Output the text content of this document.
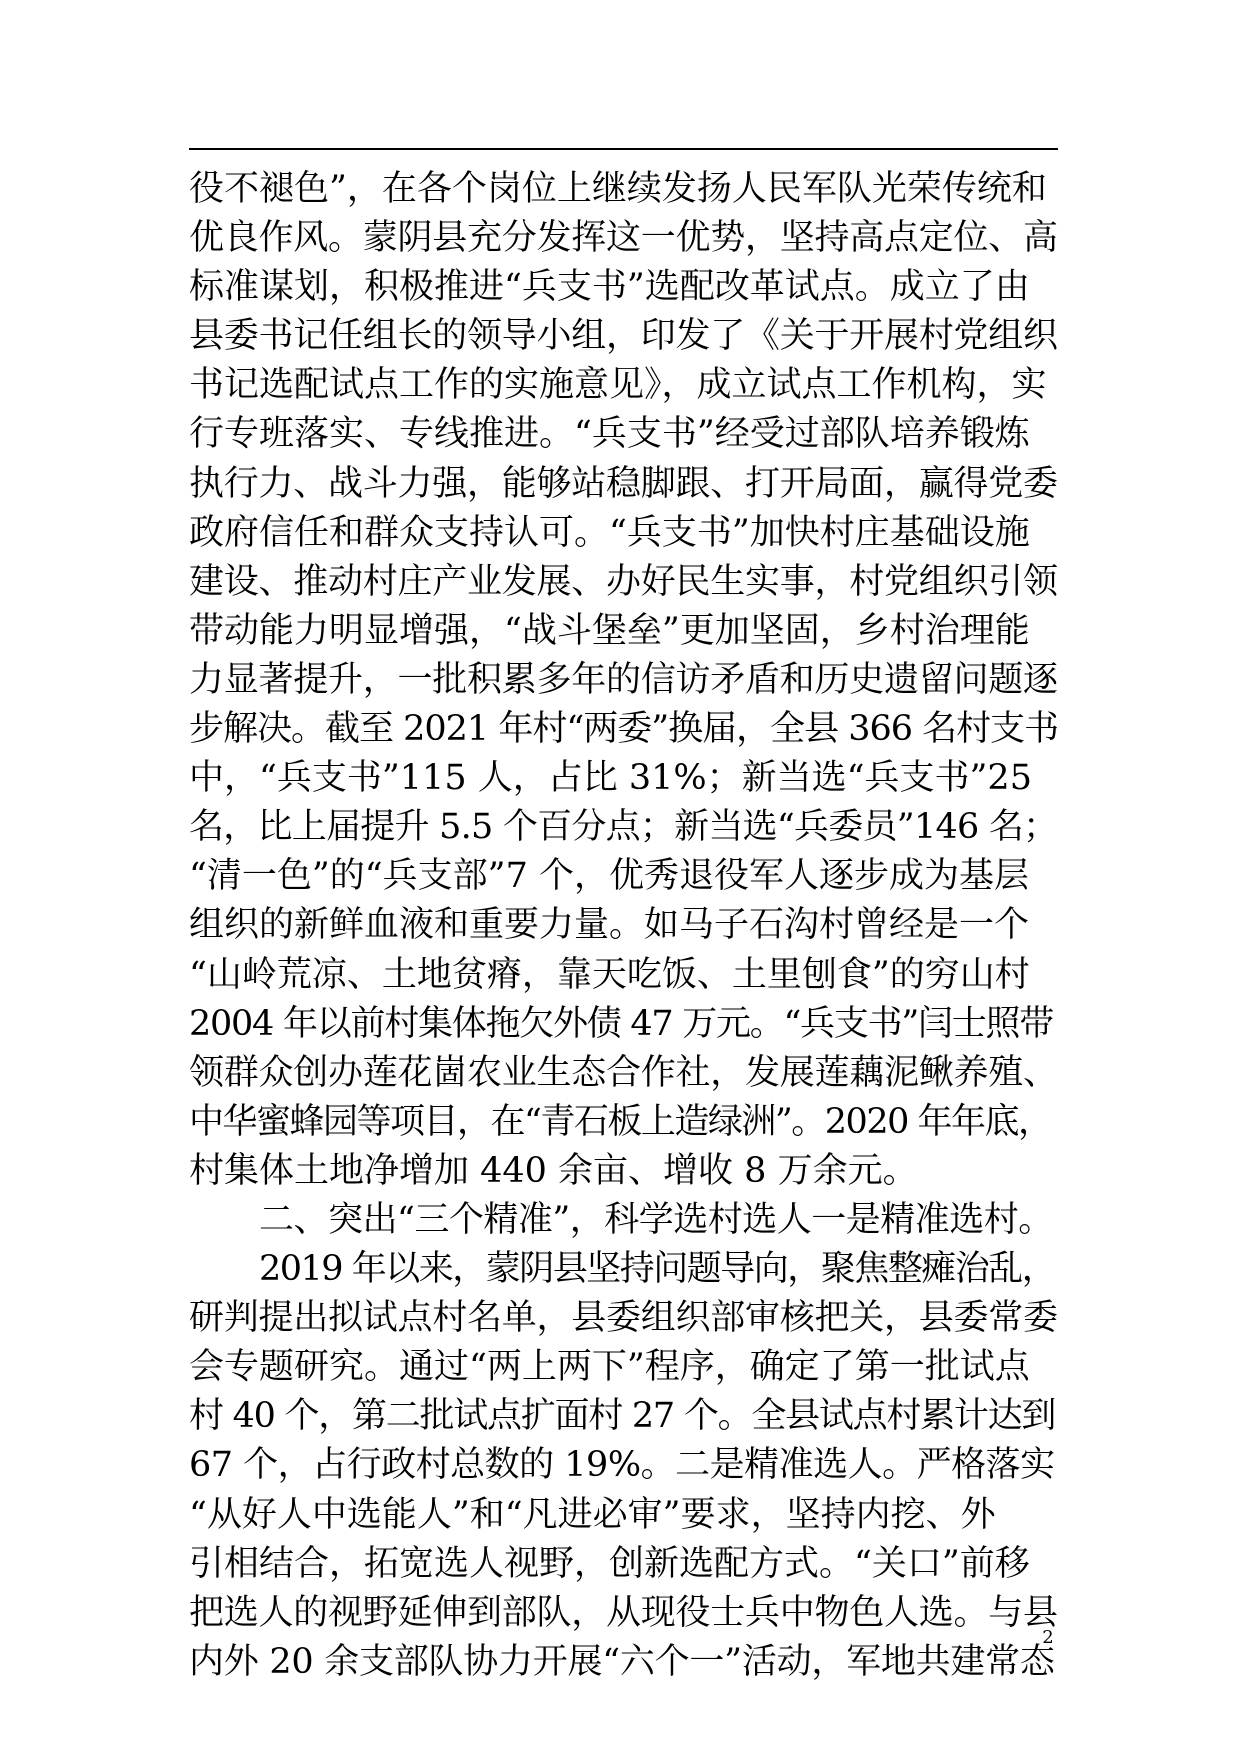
役不褪色”，在各个岗位上继续发扬人民军队光荣传统和
优良作风。蒙阴县充分发挥这一优势，坚持高点定位、高
标准谋划，积极推进“兵支书”选配改革试点。成立了由
县委书记任组长的领导小组，印发了《关于开展村党组织
书记选配试点工作的实施意见》，成立试点工作机构，实
行专班落实、专线推进。“兵支书”经受过部队培养锻炼
执行力、战斗力强，能够站稳脚跟、打开局面，赢得党委
政府信任和群众支持认可。“兵支书”加快村庄基础设施
建设、推动村庄产业发展、办好民生实事，村党组织引领
带动能力明显增强，“战斗堡垒”更加坚固，乡村治理能
力显著提升，一批积累多年的信访矛盾和历史遗留问题逐
步解决。截至 2021 年村“两委”换届，全县 366 名村支书
中，“兵支书”115 人，占比 31%；新当选“兵支书”25
名，比上届提升 5.5 个百分点；新当选“兵委员”146 名；
“清一色”的“兵支部”7 个，优秀退役军人逐步成为基层
组织的新鲜血液和重要力量。如马子石沟村曾经是一个
“山岭荒凉、土地贫瘠，靠天吃饭、土里刨食”的穷山村
2004 年以前村集体拖欠外债 47 万元。“兵支书”闫士照带
领群众创办莲花崮农业生态合作社，发展莲藕泥鳅养殖、
中华蜜蜂园等项目，在“青石板上造绿洲”。2020 年年底，
村集体土地净增加 440 余亩、增收 8 万余元。
二、突出“三个精准”，科学选村选人一是精准选村。
2019 年以来，蒙阴县坚持问题导向，聚焦整瘫治乱，
研判提出拟试点村名单，县委组织部审核把关，县委常委
会专题研究。通过“两上两下”程序，确定了第一批试点
村 40 个，第二批试点扩面村 27 个。全县试点村累计达到
67 个，占行政村总数的 19%。二是精准选人。严格落实
“从好人中选能人”和“凡进必审”要求，坚持内挖、外
引相结合，拓宽选人视野，创新选配方式。“关口”前移
把选人的视野延伸到部队，从现役士兵中物色人选。与县
内外 20 余支部队协力开展“六个一”活动，军地共建常态
2
